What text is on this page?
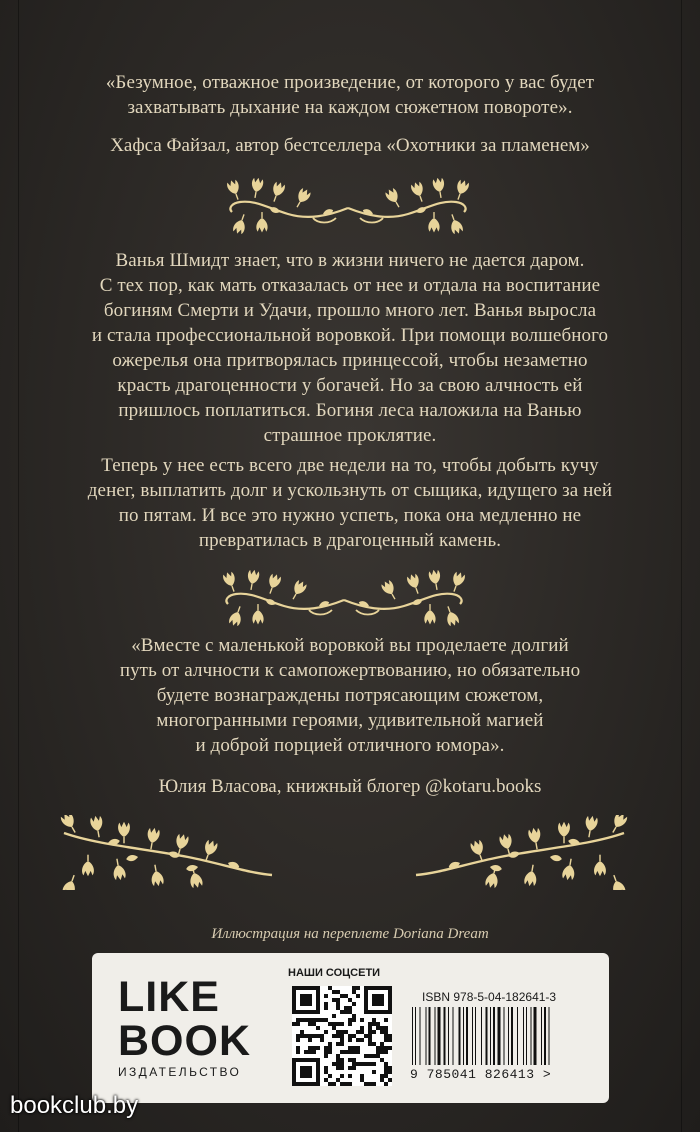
«Безумное, отважное произведение, от которого у вас будет
захватывать дыхание на каждом сюжетном повороте».
Хафса Файзал, автор бестселлера «Охотники за пламенем»
Ванья Шмидт знает, что в жизни ничего не дается даром.
С тех пор, как мать отказалась от нее и отдала на воспитание
богиням Смерти и Удачи, прошло много лет. Ванья выросла
и стала профессиональной воровкой. При помощи волшебного
ожерелья она притворялась принцессой, чтобы незаметно
красть драгоценности у богачей. Но за свою алчность ей
пришлось поплатиться. Богиня леса наложила на Ванью
страшное проклятие.
Теперь у нее есть всего две недели на то, чтобы добыть кучу
денег, выплатить долг и ускользнуть от сыщика, идущего за ней
по пятам. И все это нужно успеть, пока она медленно не
превратилась в драгоценный камень.
«Вместе с маленькой воровкой вы проделаете долгий
путь от алчности к самопожертвованию, но обязательно
будете вознаграждены потрясающим сюжетом,
многогранными героями, удивительной магией
и доброй порцией отличного юмора».
Юлия Власова, книжный блогер @kotaru.books
Иллюстрация на переплете Doriana Dream
LIKE
BOOK
ИЗДАТЕЛЬСТВО
НАШИ СОЦСЕТИ
ISBN 978-5-04-182641-3
9 785041 826413 >
bookclub.by
